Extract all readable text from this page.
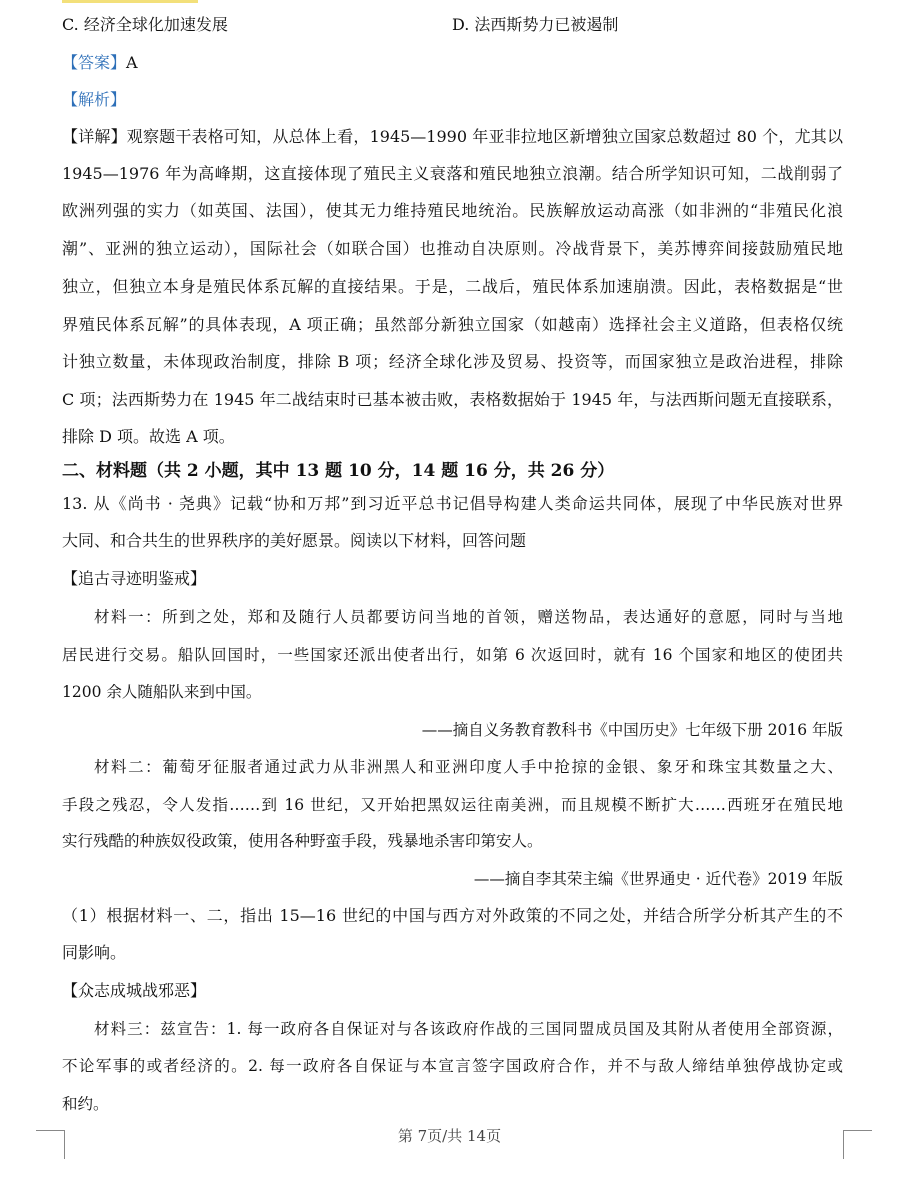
C. 经济全球化加速发展	D. 法西斯势力已被遏制
【答案】A
【解析】
【详解】观察题干表格可知，从总体上看，1945—1990 年亚非拉地区新增独立国家总数超过 80 个，尤其以
1945—1976 年为高峰期，这直接体现了殖民主义衰落和殖民地独立浪潮。结合所学知识可知，二战削弱了
欧洲列强的实力（如英国、法国），使其无力维持殖民地统治。民族解放运动高涨（如非洲的“非殖民化浪
潮”、亚洲的独立运动），国际社会（如联合国）也推动自决原则。冷战背景下，美苏博弈间接鼓励殖民地
独立，但独立本身是殖民体系瓦解的直接结果。于是，二战后，殖民体系加速崩溃。因此，表格数据是“世
界殖民体系瓦解”的具体表现，A 项正确；虽然部分新独立国家（如越南）选择社会主义道路，但表格仅统
计独立数量，未体现政治制度，排除 B 项；经济全球化涉及贸易、投资等，而国家独立是政治进程，排除
C 项；法西斯势力在 1945 年二战结束时已基本被击败，表格数据始于 1945 年，与法西斯问题无直接联系，
排除 D 项。故选 A 项。
二、材料题（共 2 小题，其中 13 题 10 分，14 题 16 分，共 26 分）
13. 从《尚书 · 尧典》记载“协和万邦”到习近平总书记倡导构建人类命运共同体，展现了中华民族对世界
大同、和合共生的世界秩序的美好愿景。阅读以下材料，回答问题
【追古寻迹明鉴戒】
材料一：所到之处，郑和及随行人员都要访问当地的首领，赠送物品，表达通好的意愿，同时与当地
居民进行交易。船队回国时，一些国家还派出使者出行，如第 6 次返回时，就有 16 个国家和地区的使团共
1200 余人随船队来到中国。
——摘自义务教育教科书《中国历史》七年级下册 2016 年版
材料二：葡萄牙征服者通过武力从非洲黑人和亚洲印度人手中抢掠的金银、象牙和珠宝其数量之大、
手段之残忍，令人发指……到 16 世纪，又开始把黑奴运往南美洲，而且规模不断扩大……西班牙在殖民地
实行残酷的种族奴役政策，使用各种野蛮手段，残暴地杀害印第安人。
——摘自李其荣主编《世界通史 · 近代卷》2019 年版
（1）根据材料一、二，指出 15—16 世纪的中国与西方对外政策的不同之处，并结合所学分析其产生的不
同影响。
【众志成城战邪恶】
材料三：兹宣告：1. 每一政府各自保证对与各该政府作战的三国同盟成员国及其附从者使用全部资源，
不论军事的或者经济的。2. 每一政府各自保证与本宣言签字国政府合作，并不与敌人缔结单独停战协定或
和约。
第 7页/共 14页
